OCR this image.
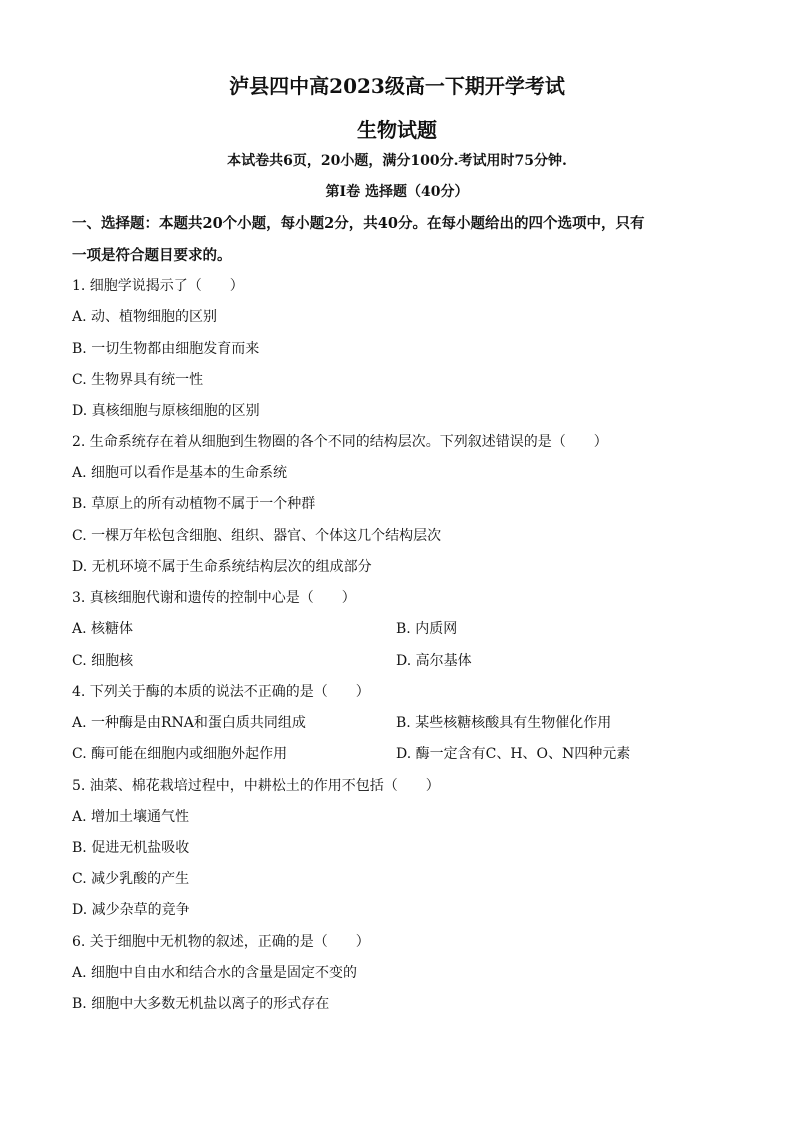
泸县四中高2023级高一下期开学考试
生物试题
本试卷共6页，20小题，满分100分.考试用时75分钟.
第I卷 选择题（40分）
一、选择题：本题共20个小题，每小题2分，共40分。在每小题给出的四个选项中，只有
一项是符合题目要求的。
1. 细胞学说揭示了（　　）
A. 动、植物细胞的区别
B. 一切生物都由细胞发育而来
C. 生物界具有统一性
D. 真核细胞与原核细胞的区别
2. 生命系统存在着从细胞到生物圈的各个不同的结构层次。下列叙述错误的是（　　）
A. 细胞可以看作是基本的生命系统
B. 草原上的所有动植物不属于一个种群
C. 一棵万年松包含细胞、组织、器官、个体这几个结构层次
D. 无机环境不属于生命系统结构层次的组成部分
3. 真核细胞代谢和遗传的控制中心是（　　）
A. 核糖体	B. 内质网
C. 细胞核	D. 高尔基体
4. 下列关于酶的本质的说法不正确的是（　　）
A. 一种酶是由RNA和蛋白质共同组成	B. 某些核糖核酸具有生物催化作用
C. 酶可能在细胞内或细胞外起作用	D. 酶一定含有C、H、O、N四种元素
5. 油菜、棉花栽培过程中，中耕松土的作用不包括（　　）
A. 增加土壤通气性
B. 促进无机盐吸收
C. 减少乳酸的产生
D. 减少杂草的竞争
6. 关于细胞中无机物的叙述，正确的是（　　）
A. 细胞中自由水和结合水的含量是固定不变的
B. 细胞中大多数无机盐以离子的形式存在
